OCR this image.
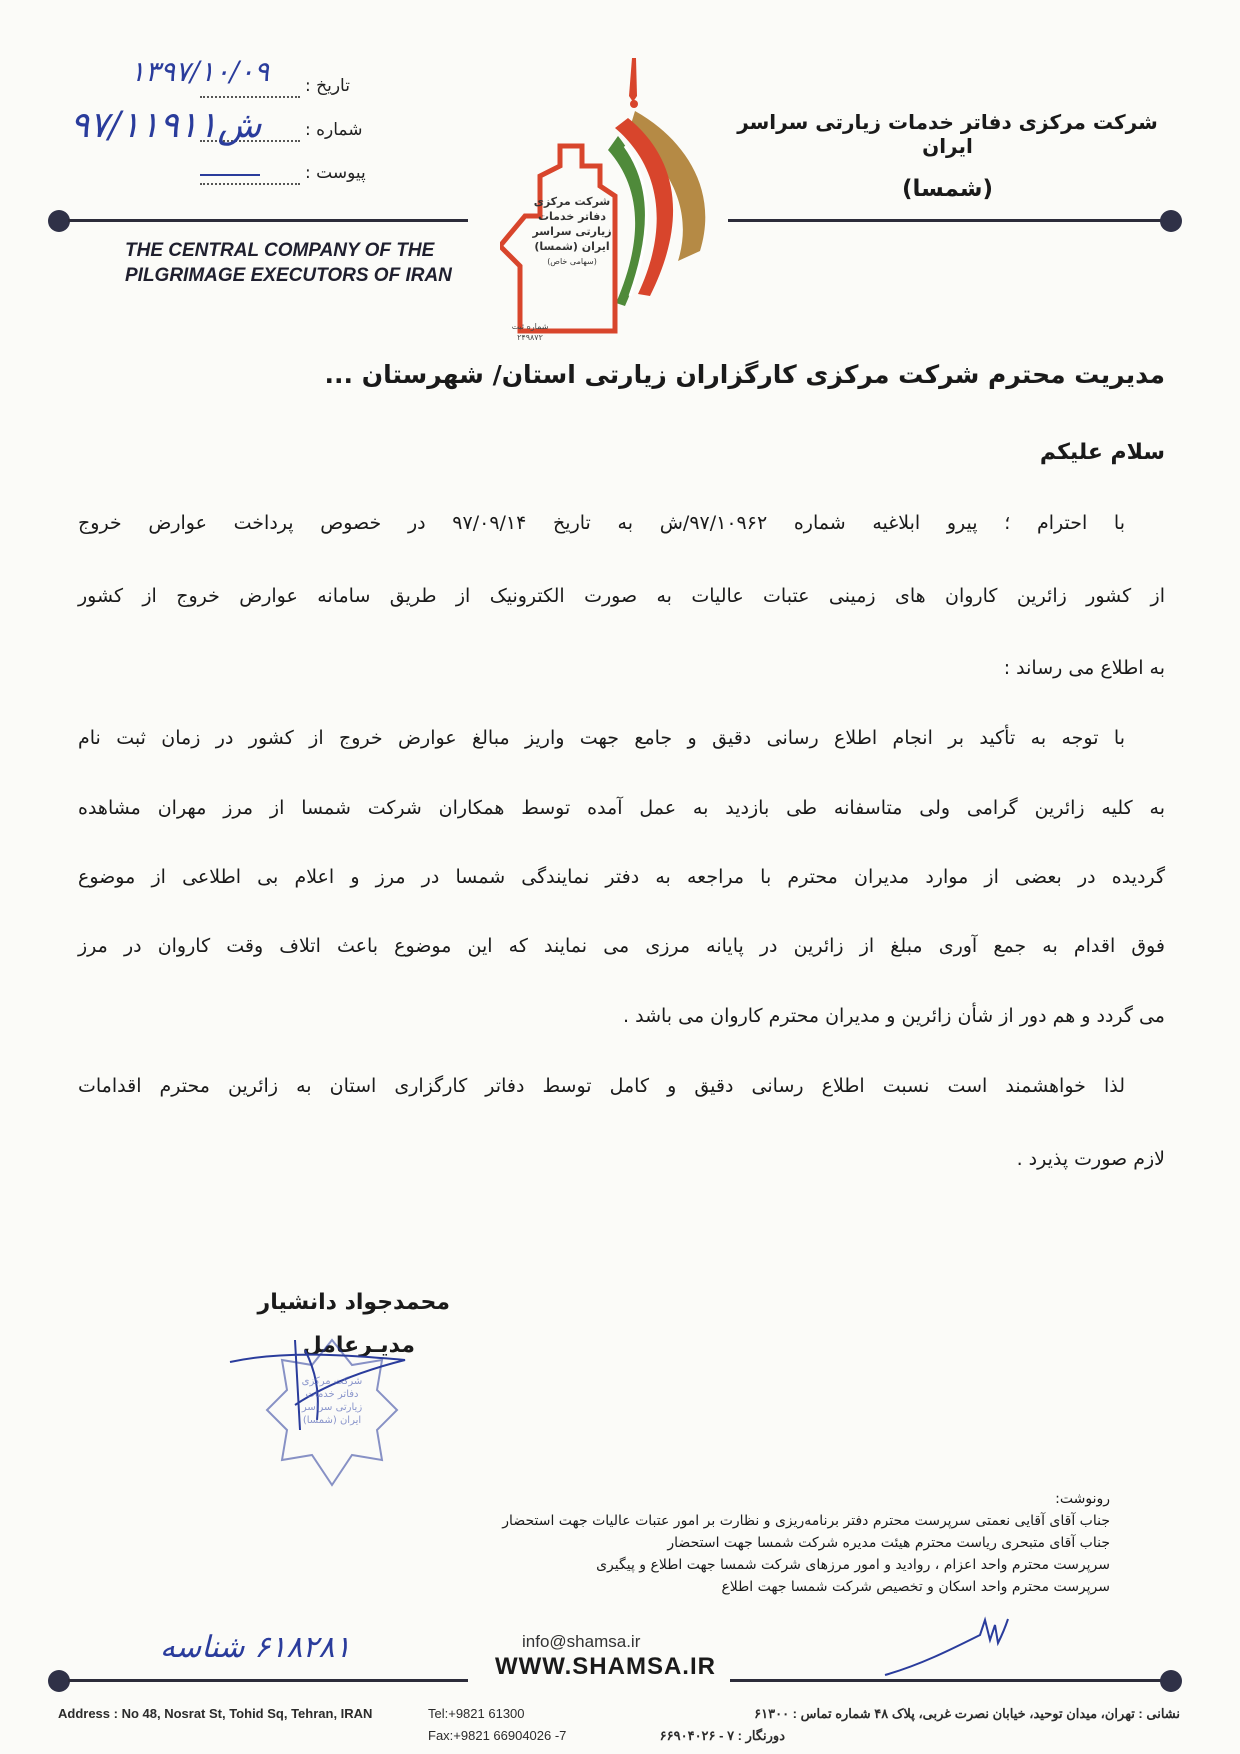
تاریخ :
۱۳۹۷/۱۰/۰۹
شماره :
۹۷/۱۱۹۱۱ش
پیوست :
THE CENTRAL COMPANY OF THE
PILGRIMAGE EXECUTORS OF IRAN
شرکت مرکزی دفاتر خدمات زیارتی سراسر ایران
(شمسا)
شرکت مرکزی
دفاتر خدمات
زیارتی سراسر
ایران (شمسا)
(سهامی خاص)
شماره ثبت
۲۴۹۸۷۲
مدیریت محترم شرکت مرکزی کارگزاران زیارتی استان/ شهرستان ...
سلام علیکم
با احترام ؛ پیرو ابلاغیه شماره ۹۷/۱۰۹۶۲/ش به تاریخ ۹۷/۰۹/۱۴ در خصوص پرداخت عوارض خروج
از کشور زائرین کاروان های زمینی عتبات عالیات به صورت الکترونیک از طریق سامانه عوارض خروج از کشور
به اطلاع می رساند :
با توجه به تأکید بر انجام اطلاع رسانی دقیق و جامع جهت واریز مبالغ عوارض خروج از کشور در زمان ثبت نام
به کلیه زائرین گرامی ولی متاسفانه طی بازدید به عمل آمده توسط همکاران شرکت شمسا از مرز مهران مشاهده
گردیده در بعضی از موارد مدیران محترم با مراجعه به دفتر نمایندگی شمسا در مرز و اعلام بی اطلاعی از موضوع
فوق اقدام به جمع آوری مبلغ از زائرین در پایانه مرزی می نمایند که این موضوع باعث اتلاف وقت کاروان در مرز
می گردد و هم دور از شأن زائرین و مدیران محترم کاروان می باشد .
لذا خواهشمند است نسبت اطلاع رسانی دقیق و کامل توسط دفاتر کارگزاری استان به زائرین محترم اقدامات
لازم صورت پذیرد .
محمدجواد دانشیار
مدیـرعامل
شرکت مرکزی
دفاتر خدمات
زیارتی سراسر
ایران (شمسا)
رونوشت:
جناب آقای آقایی نعمتی سرپرست محترم دفتر برنامه‌ریزی و نظارت بر امور عتبات عالیات جهت استحضار
جناب آقای متبحری ریاست محترم هیئت مدیره شرکت شمسا جهت استحضار
سرپرست محترم واحد اعزام ، روادید و امور مرزهای شرکت شمسا جهت اطلاع و پیگیری
سرپرست محترم واحد اسکان و تخصیص شرکت شمسا جهت اطلاع
۶۱۸۲۸۱ شناسه	info@shamsa.ir
WWW.SHAMSA.IR
Address : No 48, Nosrat St, Tohid Sq, Tehran, IRAN	Tel:+9821 61300
Fax:+9821 66904026 -7
نشانی : تهران، میدان توحید، خیابان نصرت غربی، پلاک ۴۸ شماره تماس : ۶۱۳۰۰
دورنگار : ۷ - ۶۶۹۰۴۰۲۶
